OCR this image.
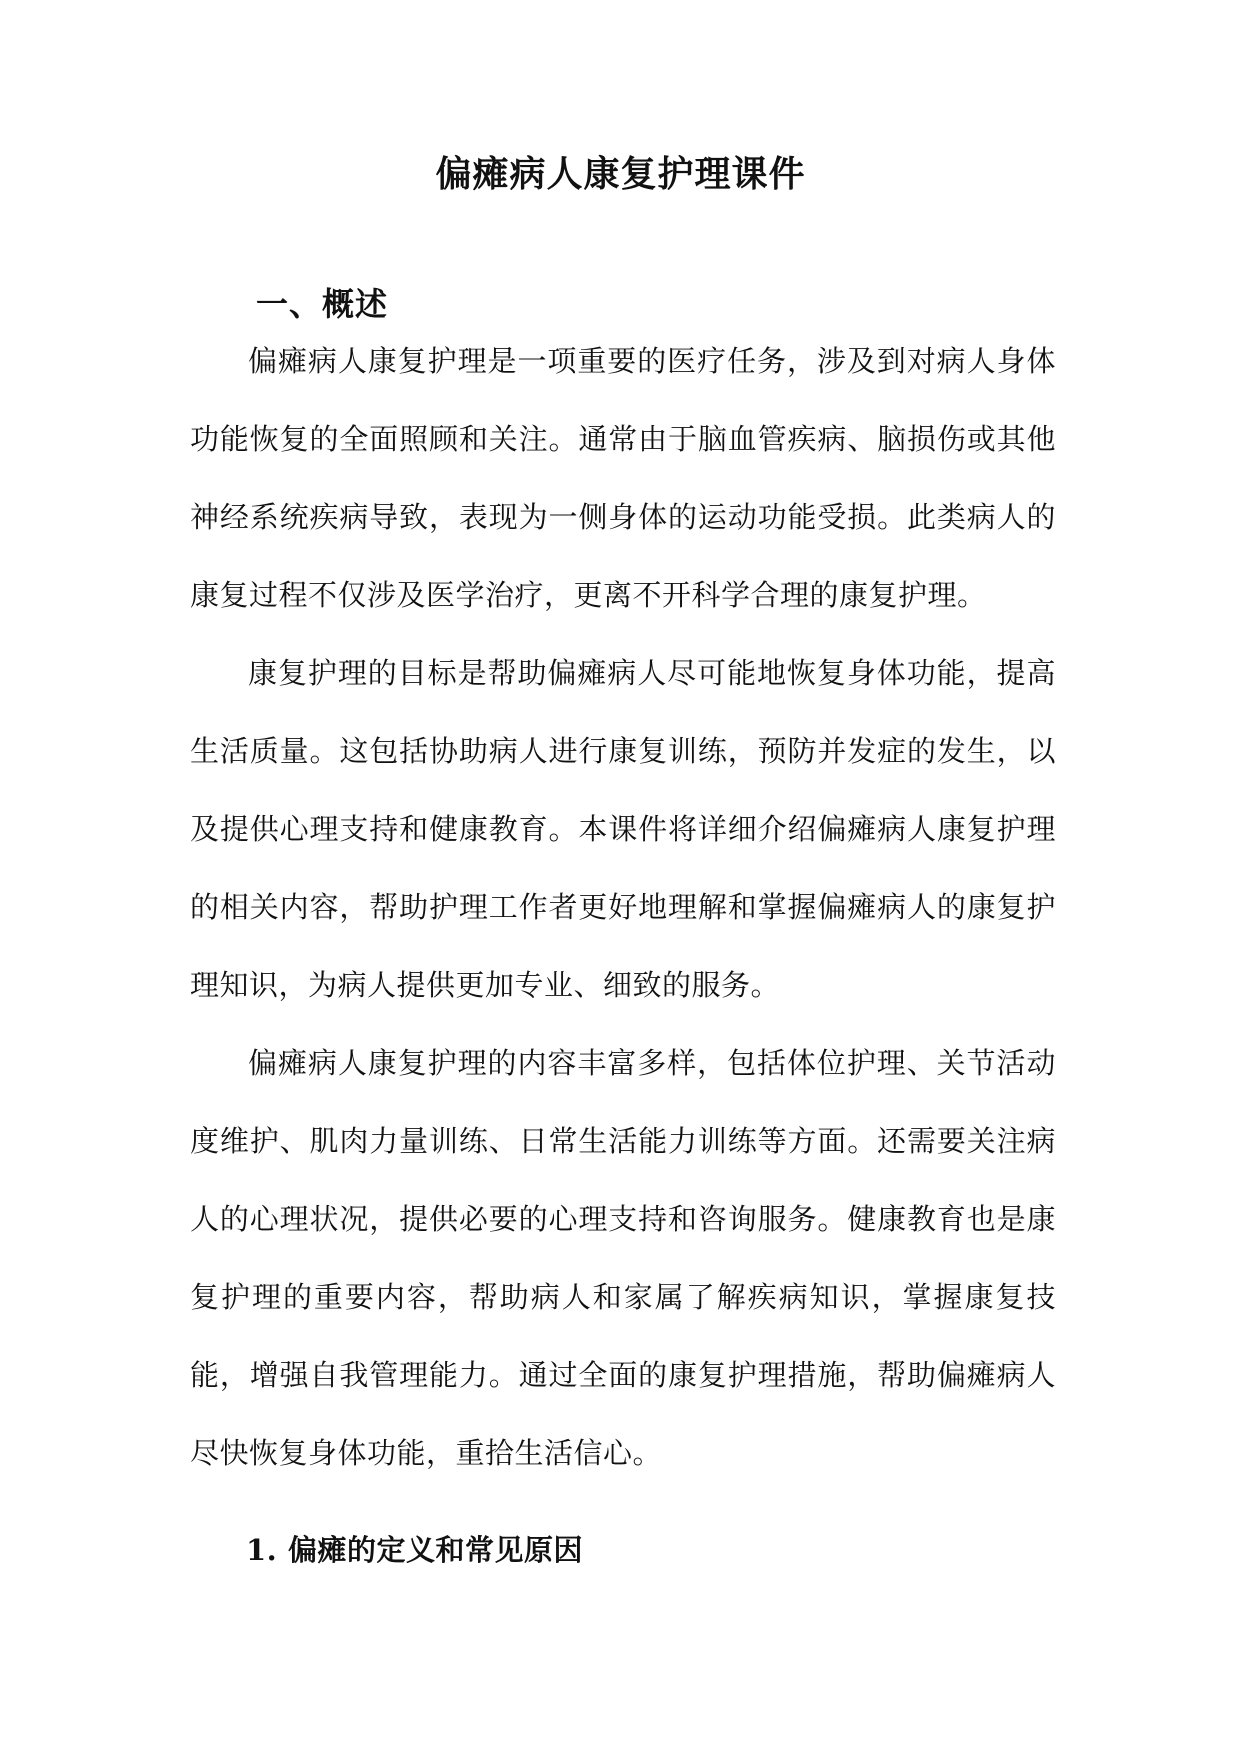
偏瘫病人康复护理课件
一、概述

偏瘫病人康复护理是一项重要的医疗任务，涉及到对病人身体功能恢复的全面照顾和关注。通常由于脑血管疾病、脑损伤或其他神经系统疾病导致，表现为一侧身体的运动功能受损。此类病人的康复过程不仅涉及医学治疗，更离不开科学合理的康复护理。

康复护理的目标是帮助偏瘫病人尽可能地恢复身体功能，提高生活质量。这包括协助病人进行康复训练，预防并发症的发生，以及提供心理支持和健康教育。本课件将详细介绍偏瘫病人康复护理的相关内容，帮助护理工作者更好地理解和掌握偏瘫病人的康复护理知识，为病人提供更加专业、细致的服务。

偏瘫病人康复护理的内容丰富多样，包括体位护理、关节活动度维护、肌肉力量训练、日常生活能力训练等方面。还需要关注病人的心理状况，提供必要的心理支持和咨询服务。健康教育也是康复护理的重要内容，帮助病人和家属了解疾病知识，掌握康复技能，增强自我管理能力。通过全面的康复护理措施，帮助偏瘫病人尽快恢复身体功能，重拾生活信心。

1. 偏瘫的定义和常见原因
